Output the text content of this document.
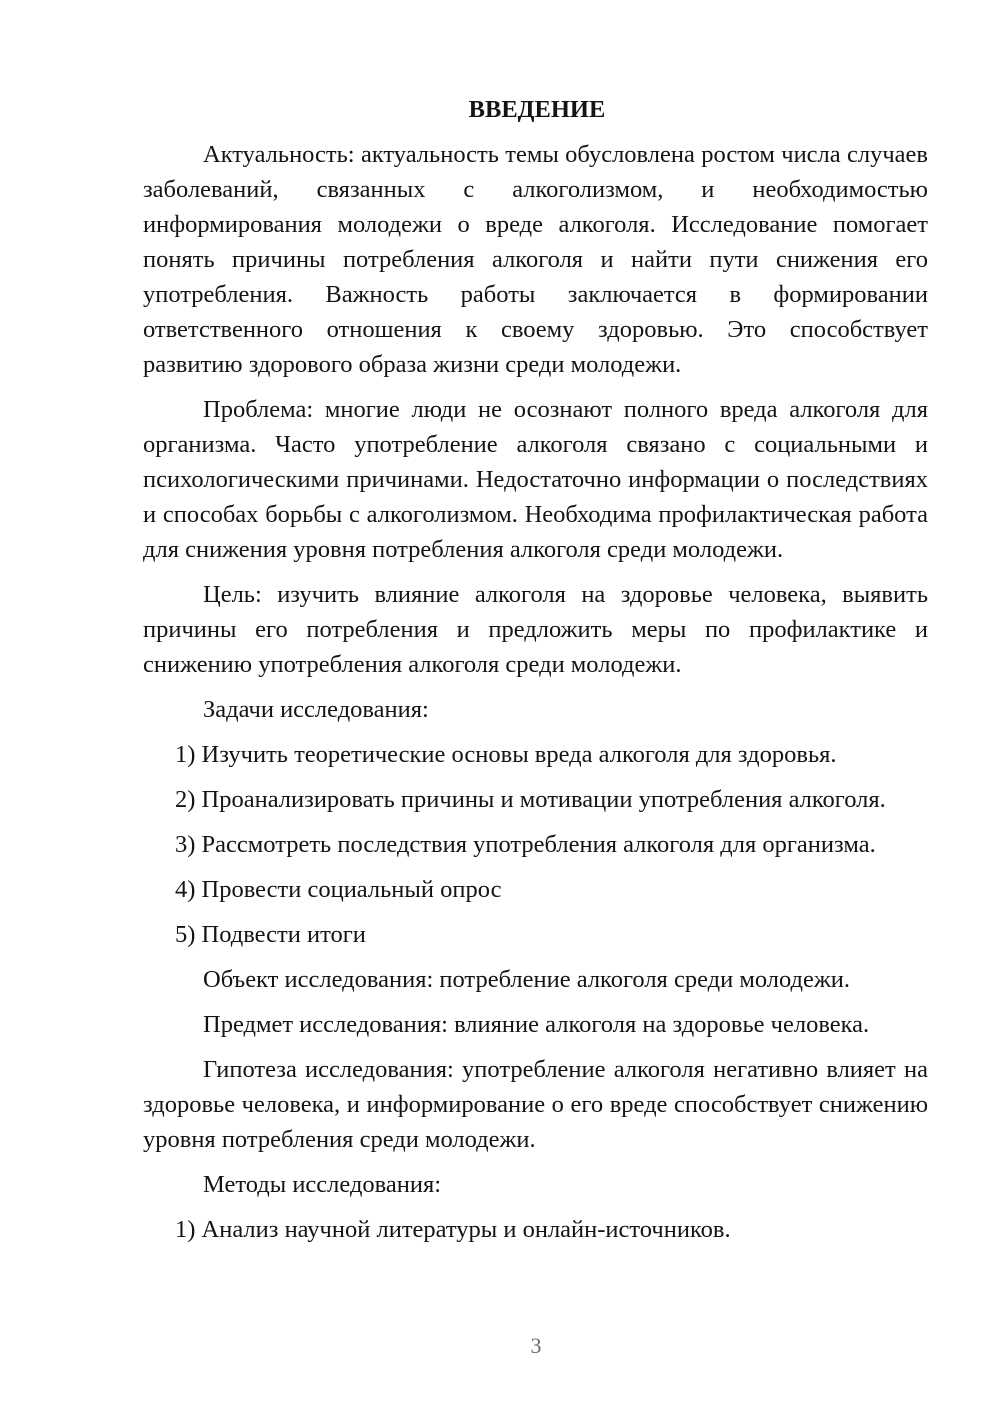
ВВЕДЕНИЕ

Актуальность: актуальность темы обусловлена ростом числа случаев заболеваний, связанных с алкоголизмом, и необходимостью информирования молодежи о вреде алкоголя. Исследование помогает понять причины потребления алкоголя и найти пути снижения его употребления. Важность работы заключается в формировании ответственного отношения к своему здоровью. Это способствует развитию здорового образа жизни среди молодежи.

Проблема: многие люди не осознают полного вреда алкоголя для организма. Часто употребление алкоголя связано с социальными и психологическими причинами. Недостаточно информации о последствиях и способах борьбы с алкоголизмом. Необходима профилактическая работа для снижения уровня потребления алкоголя среди молодежи.

Цель: изучить влияние алкоголя на здоровье человека, выявить причины его потребления и предложить меры по профилактике и снижению употребления алкоголя среди молодежи.

Задачи исследования:
1) Изучить теоретические основы вреда алкоголя для здоровья.
2) Проанализировать причины и мотивации употребления алкоголя.
3) Рассмотреть последствия употребления алкоголя для организма.
4) Провести социальный опрос
5) Подвести итоги
Объект исследования: потребление алкоголя среди молодежи.
Предмет исследования: влияние алкоголя на здоровье человека.

Гипотеза исследования: употребление алкоголя негативно влияет на здоровье человека, и информирование о его вреде способствует снижению уровня потребления среди молодежи.

Методы исследования:
1) Анализ научной литературы и онлайн-источников.
3
